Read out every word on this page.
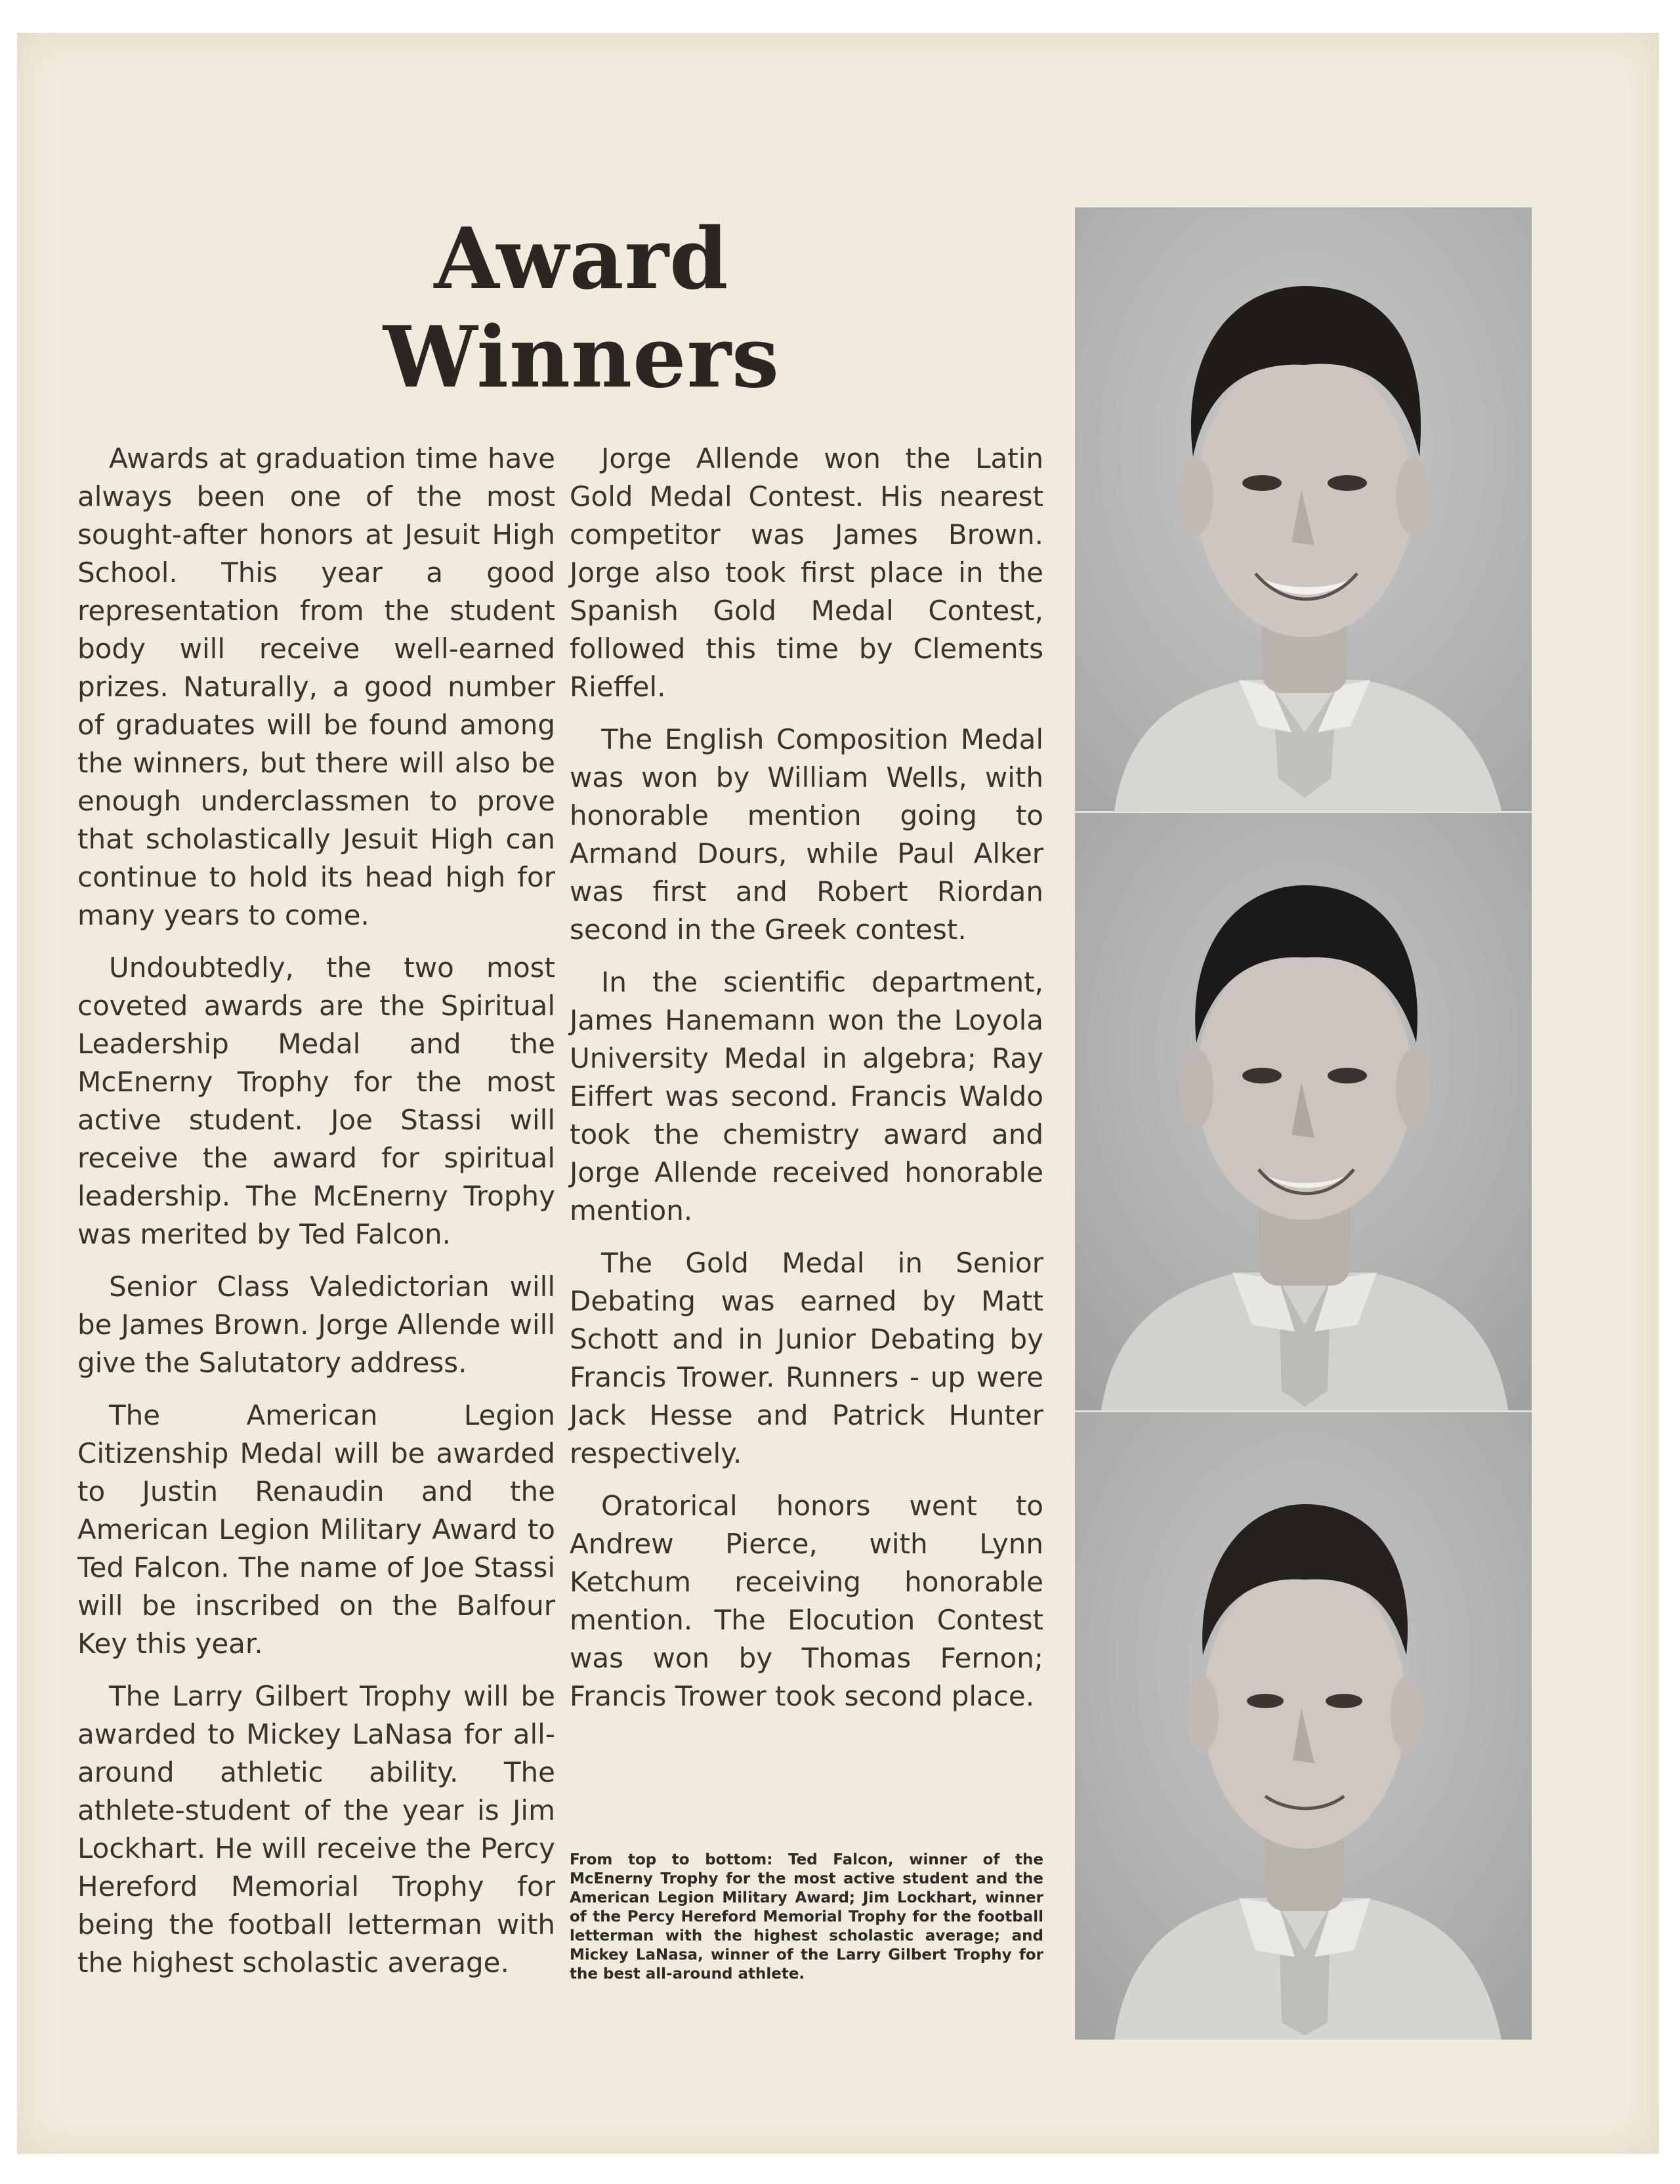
Award Winners

Awards at graduation time have always been one of the most sought-after honors at Jesuit High School. This year a good representation from the student body will receive well-earned prizes. Naturally, a good number of graduates will be found among the winners, but there will also be enough underclassmen to prove that scholastically Jesuit High can continue to hold its head high for many years to come.

Undoubtedly, the two most coveted awards are the Spiritual Leadership Medal and the McEnerny Trophy for the most active student. Joe Stassi will receive the award for spiritual leadership. The McEnerny Trophy was merited by Ted Falcon.

Senior Class Valedictorian will be James Brown. Jorge Allende will give the Salutatory address.

The American Legion Citizenship Medal will be awarded to Justin Renaudin and the American Legion Military Award to Ted Falcon. The name of Joe Stassi will be inscribed on the Balfour Key this year.

The Larry Gilbert Trophy will be awarded to Mickey LaNasa for all-around athletic ability. The athlete-student of the year is Jim Lockhart. He will receive the Percy Hereford Memorial Trophy for being the football letterman with the highest scholastic average.

Jorge Allende won the Latin Gold Medal Contest. His nearest competitor was James Brown. Jorge also took first place in the Spanish Gold Medal Contest, followed this time by Clements Rieffel.

The English Composition Medal was won by William Wells, with honorable mention going to Armand Dours, while Paul Alker was first and Robert Riordan second in the Greek contest.

In the scientific department, James Hanemann won the Loyola University Medal in algebra; Ray Eiffert was second. Francis Waldo took the chemistry award and Jorge Allende received honorable mention.

The Gold Medal in Senior Debating was earned by Matt Schott and in Junior Debating by Francis Trower. Runners - up were Jack Hesse and Patrick Hunter respectively.

Oratorical honors went to Andrew Pierce, with Lynn Ketchum receiving honorable mention. The Elocution Contest was won by Thomas Fernon; Francis Trower took second place.

From top to bottom: Ted Falcon, winner of the McEnerny Trophy for the most active student and the American Legion Military Award; Jim Lockhart, winner of the Percy Hereford Memorial Trophy for the football letterman with the highest scholastic average; and Mickey LaNasa, winner of the Larry Gilbert Trophy for the best all-around athlete.
